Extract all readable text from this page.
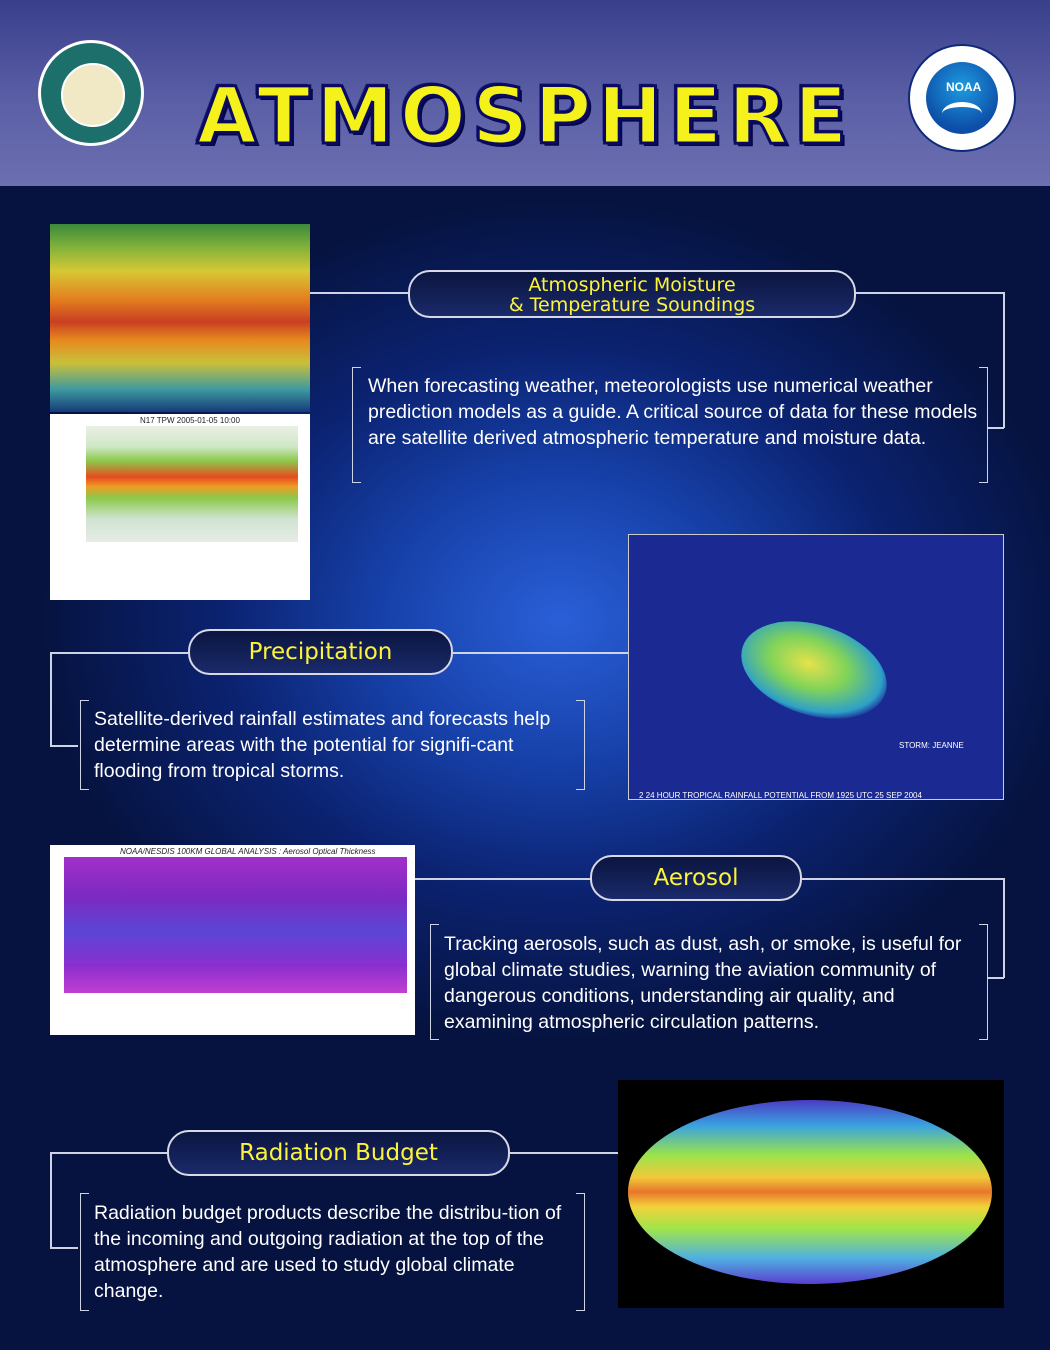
ATMOSPHERE	NOAA
N17 TPW 2005-01-05 10:00
Atmospheric Moisture
& Temperature Soundings
When forecasting weather, meteorologists use numerical weather prediction models as a guide. A critical source of data for these models are satellite derived atmospheric temperature and moisture data.
STORM: JEANNE
2 24 HOUR TROPICAL RAINFALL POTENTIAL FROM 1925 UTC 25 SEP 2004
Precipitation
Satellite-derived rainfall estimates and forecasts help determine areas with the potential for signifi-cant flooding from tropical storms.
NOAA/NESDIS 100KM GLOBAL ANALYSIS : Aerosol Optical Thickness
Aerosol
Tracking aerosols, such as dust, ash, or smoke, is useful for global climate studies, warning the aviation community of dangerous conditions, understanding air quality, and examining atmospheric circulation patterns.
Radiation Budget
Radiation budget products describe the distribu-tion of the incoming and outgoing radiation at the top of the atmosphere and are used to study global climate change.
